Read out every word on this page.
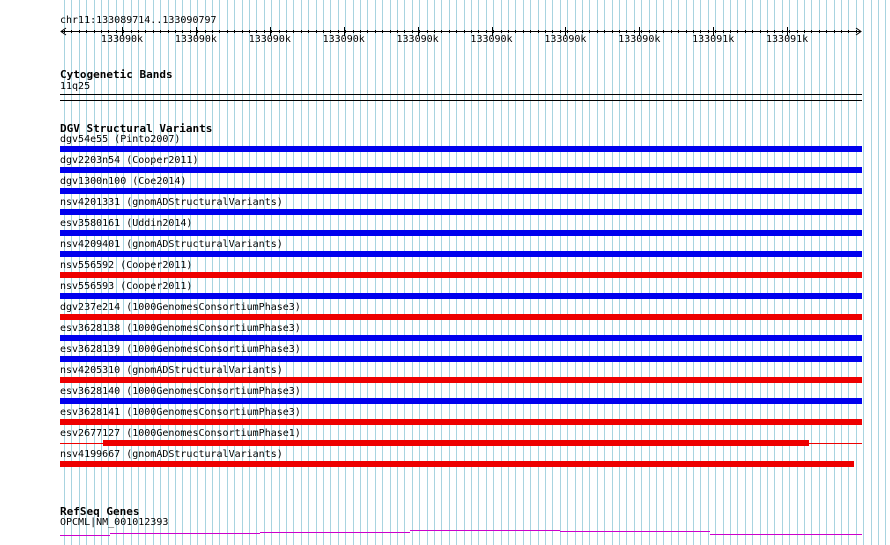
chr11:133089714..133090797
133090k	133090k	133090k	133090k	133090k	133090k	133090k	133090k	133091k	133091k
Cytogenetic Bands
11q25
DGV Structural Variants
dgv54e55 (Pinto2007)
dgv2203n54 (Cooper2011)
dgv1300n100 (Coe2014)
nsv4201331 (gnomADStructuralVariants)
esv3580161 (Uddin2014)
nsv4209401 (gnomADStructuralVariants)
nsv556592 (Cooper2011)
nsv556593 (Cooper2011)
dgv237e214 (1000GenomesConsortiumPhase3)
esv3628138 (1000GenomesConsortiumPhase3)
esv3628139 (1000GenomesConsortiumPhase3)
nsv4205310 (gnomADStructuralVariants)
esv3628140 (1000GenomesConsortiumPhase3)
esv3628141 (1000GenomesConsortiumPhase3)
esv2677127 (1000GenomesConsortiumPhase1)
nsv4199667 (gnomADStructuralVariants)
RefSeq Genes
OPCML|NM_001012393
